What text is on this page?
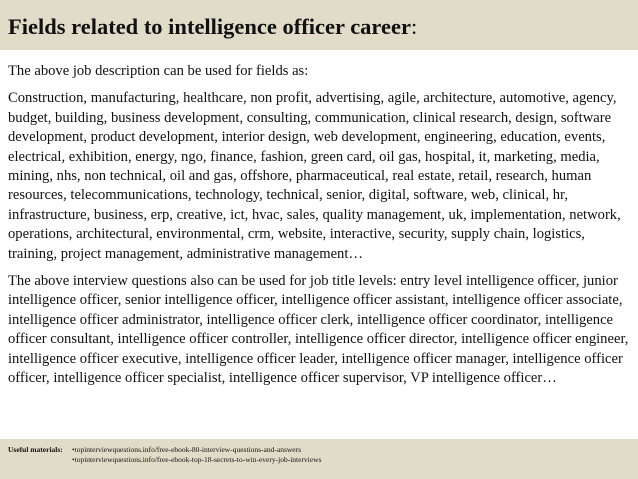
Fields related to intelligence officer career:

The above job description can be used for fields as:

Construction, manufacturing, healthcare, non profit, advertising, agile, architecture, automotive, agency, budget, building, business development, consulting, communication, clinical research, design, software development, product development, interior design, web development, engineering, education, events, electrical, exhibition, energy, ngo, finance, fashion, green card, oil gas, hospital, it, marketing, media, mining, nhs, non technical, oil and gas, offshore, pharmaceutical, real estate, retail, research, human resources, telecommunications, technology, technical, senior, digital, software, web, clinical, hr, infrastructure, business, erp, creative, ict, hvac, sales, quality management, uk, implementation, network, operations, architectural, environmental, crm, website, interactive, security, supply chain, logistics, training, project management, administrative management…

The above interview questions also can be used for job title levels: entry level intelligence officer, junior intelligence officer, senior intelligence officer, intelligence officer assistant, intelligence officer associate, intelligence officer administrator, intelligence officer clerk, intelligence officer coordinator, intelligence officer consultant, intelligence officer controller, intelligence officer director, intelligence officer engineer, intelligence officer executive, intelligence officer leader, intelligence officer manager, intelligence officer officer, intelligence officer specialist, intelligence officer supervisor, VP intelligence officer…

Useful materials:
•	topinterviewquestions.info/free-ebook-80-interview-questions-and-answers
• topinterviewquestions.info/free-ebook-top-18-secrets-to-win-every-job-interviews
